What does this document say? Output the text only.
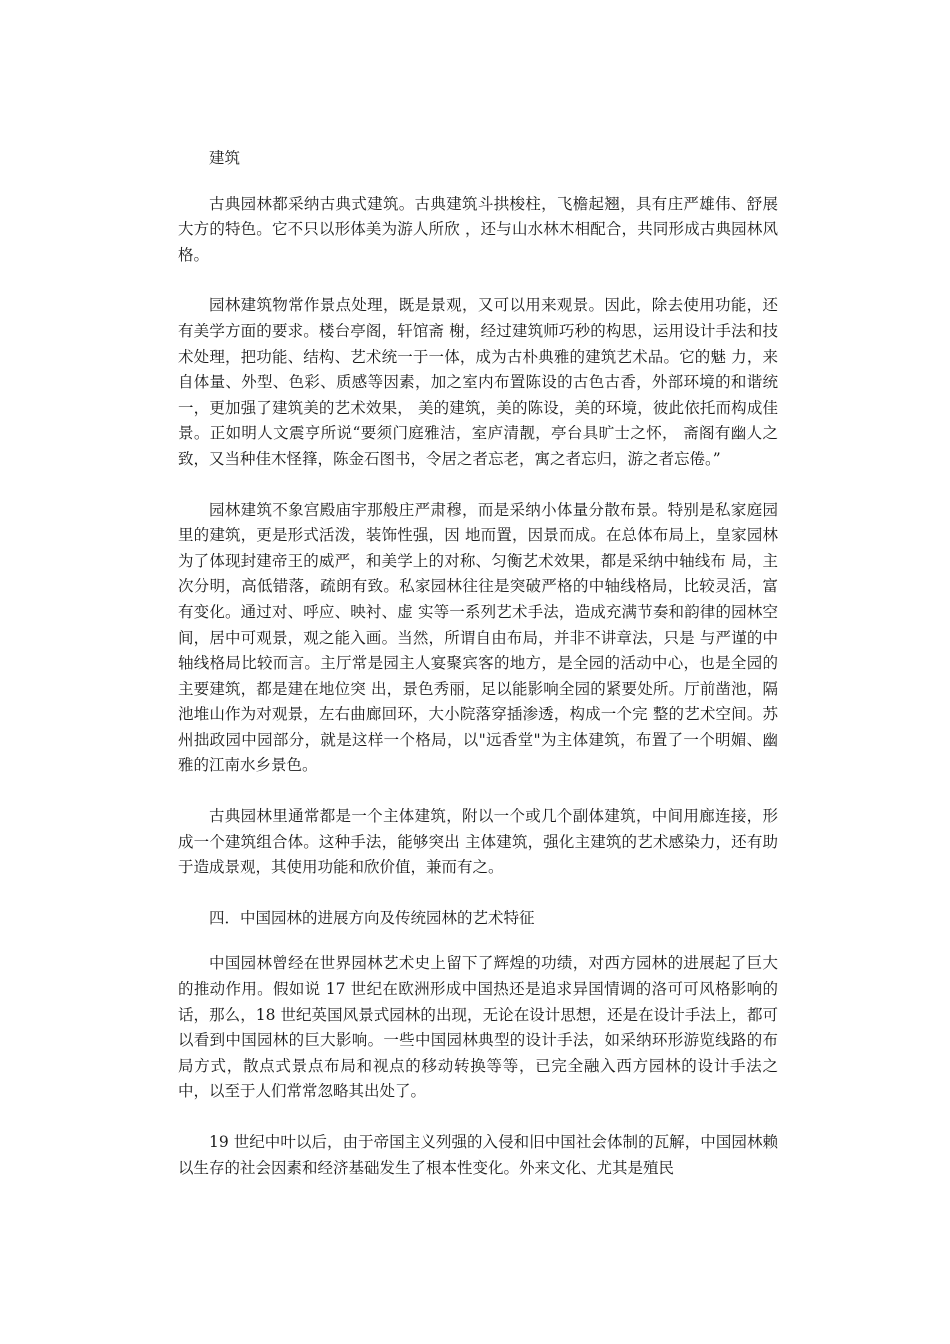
建筑

古典园林都采纳古典式建筑。古典建筑斗拱梭柱，飞檐起翘，具有庄严雄伟、舒展大方的特色。它不只以形体美为游人所欣 ，还与山水林木相配合，共同形成古典园林风格。

园林建筑物常作景点处理，既是景观，又可以用来观景。因此，除去使用功能，还有美学方面的要求。楼台亭阁，轩馆斋 榭，经过建筑师巧秒的构思，运用设计手法和技术处理，把功能、结构、艺术统一于一体，成为古朴典雅的建筑艺术品。它的魅 力，来自体量、外型、色彩、质感等因素，加之室内布置陈设的古色古香，外部环境的和谐统一，更加强了建筑美的艺术效果， 美的建筑，美的陈设，美的环境，彼此依托而构成佳景。正如明人文震亨所说“要须门庭雅洁，室庐清靓，亭台具旷士之怀， 斋阁有幽人之致，又当种佳木怪箨，陈金石图书，令居之者忘老，寓之者忘归，游之者忘倦。”

园林建筑不象宫殿庙宇那般庄严肃穆，而是采纳小体量分散布景。特别是私家庭园里的建筑，更是形式活泼，装饰性强，因 地而置，因景而成。在总体布局上，皇家园林为了体现封建帝王的威严，和美学上的对称、匀衡艺术效果，都是采纳中轴线布 局，主次分明，高低错落，疏朗有致。私家园林往往是突破严格的中轴线格局，比较灵活，富有变化。通过对、呼应、映衬、虚 实等一系列艺术手法，造成充满节奏和韵律的园林空间，居中可观景，观之能入画。当然，所谓自由布局，并非不讲章法，只是 与严谨的中轴线格局比较而言。主厅常是园主人宴聚宾客的地方，是全园的活动中心，也是全园的主要建筑，都是建在地位突 出，景色秀丽，足以能影响全园的紧要处所。厅前凿池，隔池堆山作为对观景，左右曲廊回环，大小院落穿插渗透，构成一个完 整的艺术空间。苏州拙政园中园部分，就是这样一个格局，以"远香堂"为主体建筑，布置了一个明媚、幽雅的江南水乡景色。

古典园林里通常都是一个主体建筑，附以一个或几个副体建筑，中间用廊连接，形成一个建筑组合体。这种手法，能够突出 主体建筑，强化主建筑的艺术感染力，还有助于造成景观，其使用功能和欣价值，兼而有之。

四．中国园林的进展方向及传统园林的艺术特征

中国园林曾经在世界园林艺术史上留下了辉煌的功绩，对西方园林的进展起了巨大的推动作用。假如说 17 世纪在欧洲形成中国热还是追求异国情调的洛可可风格影响的话，那么，18 世纪英国风景式园林的出现，无论在设计思想，还是在设计手法上，都可以看到中国园林的巨大影响。一些中国园林典型的设计手法，如采纳环形游览线路的布局方式，散点式景点布局和视点的移动转换等等，已完全融入西方园林的设计手法之中，以至于人们常常忽略其出处了。

19 世纪中叶以后，由于帝国主义列强的入侵和旧中国社会体制的瓦解，中国园林赖以生存的社会因素和经济基础发生了根本性变化。外来文化、尤其是殖民
